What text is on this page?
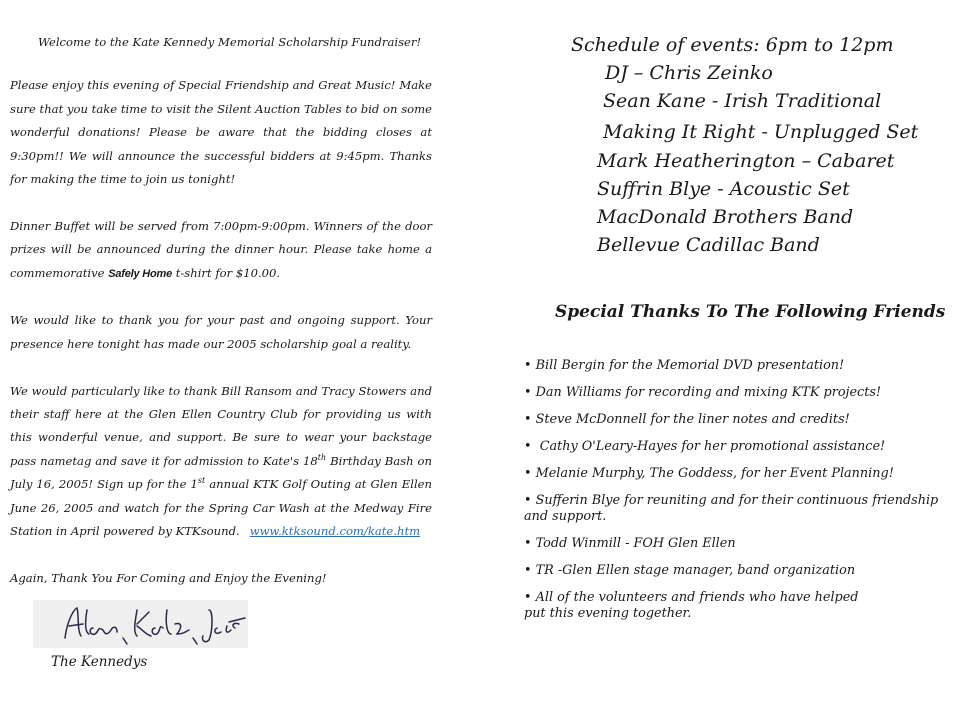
Welcome to the Kate Kennedy Memorial Scholarship Fundraiser!

Please enjoy this evening of Special Friendship and Great Music! Make sure that you take time to visit the Silent Auction Tables to bid on some wonderful donations! Please be aware that the bidding closes at 9:30pm!! We will announce the successful bidders at 9:45pm. Thanks for making the time to join us tonight!

Dinner Buffet will be served from 7:00pm-9:00pm. Winners of the door prizes will be announced during the dinner hour. Please take home a commemorative Safely Home t-shirt for $10.00.

We would like to thank you for your past and ongoing support. Your presence here tonight has made our 2005 scholarship goal a reality.

We would particularly like to thank Bill Ransom and Tracy Stowers and their staff here at the Glen Ellen Country Club for providing us with this wonderful venue, and support. Be sure to wear your backstage pass nametag and save it for admission to Kate's 18th Birthday Bash on July 16, 2005! Sign up for the 1st annual KTK Golf Outing at Glen Ellen June 26, 2005 and watch for the Spring Car Wash at the Medway Fire Station in April powered by KTKsound. www.ktksound.com/kate.htm

Again, Thank You For Coming and Enjoy the Evening!

The Kennedys
Schedule of events: 6pm to 12pm
DJ – Chris Zeinko
Sean Kane - Irish Traditional
Making It Right - Unplugged Set
Mark Heatherington – Cabaret
Suffrin Blye - Acoustic Set
MacDonald Brothers Band
Bellevue Cadillac Band
Special Thanks To The Following Friends
• Bill Bergin for the Memorial DVD presentation!
• Dan Williams for recording and mixing KTK projects!
• Steve McDonnell for the liner notes and credits!
•  Cathy O'Leary-Hayes for her promotional assistance!
• Melanie Murphy, The Goddess, for her Event Planning!
• Sufferin Blye for reuniting and for their continuous friendship and support.
• Todd Winmill - FOH Glen Ellen
• TR -Glen Ellen stage manager, band organization
• All of the volunteers and friends who have helped put this evening together.
